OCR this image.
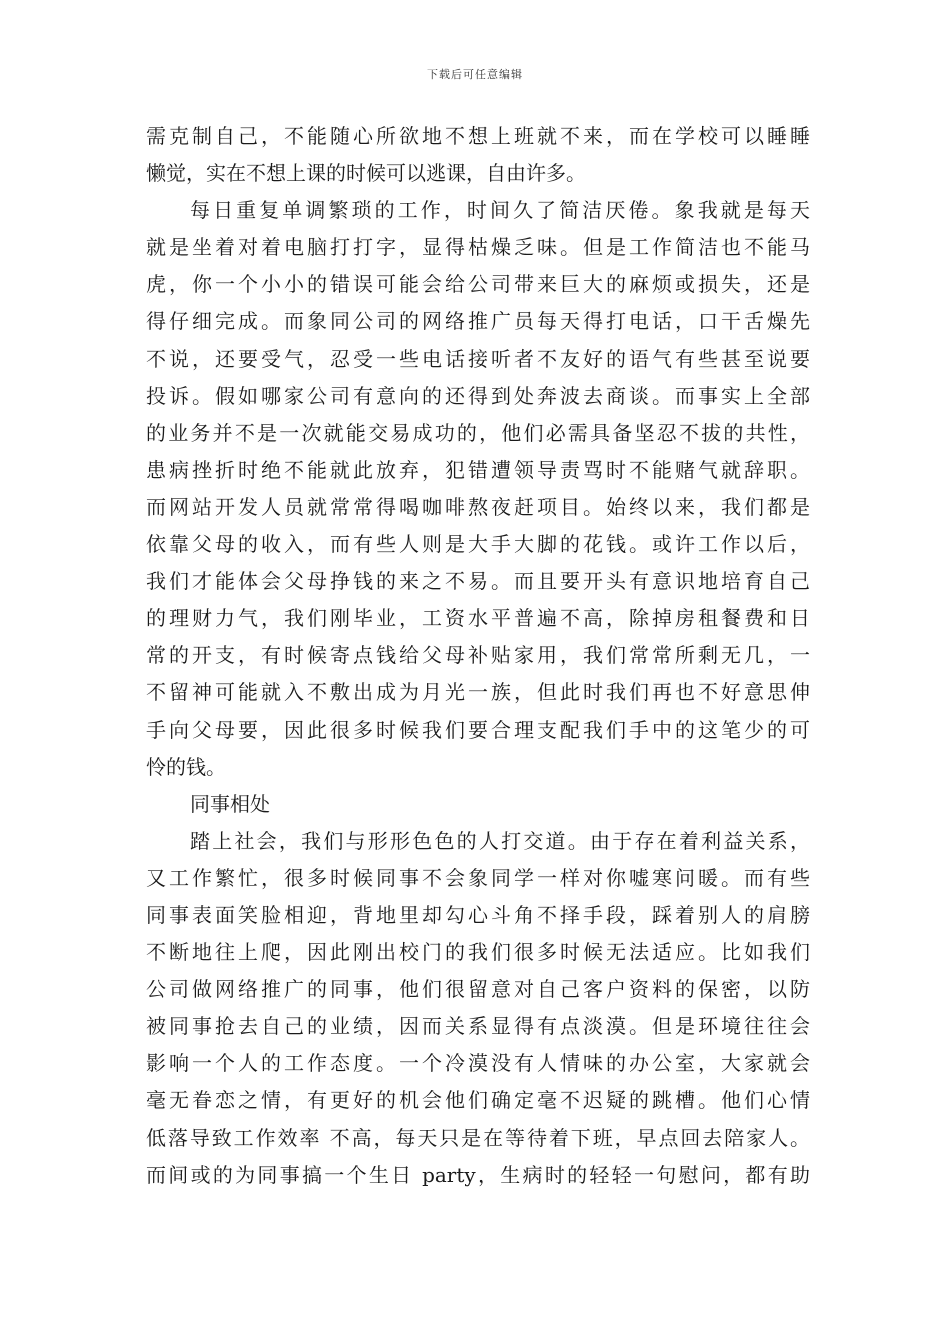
下载后可任意编辑
需克制自己，不能随心所欲地不想上班就不来，而在学校可以睡睡
懒觉，实在不想上课的时候可以逃课，自由许多。
每日重复单调繁琐的工作，时间久了简洁厌倦。象我就是每天
就是坐着对着电脑打打字，显得枯燥乏味。但是工作简洁也不能马
虎，你一个小小的错误可能会给公司带来巨大的麻烦或损失，还是
得仔细完成。而象同公司的网络推广员每天得打电话，口干舌燥先
不说，还要受气，忍受一些电话接听者不友好的语气有些甚至说要
投诉。假如哪家公司有意向的还得到处奔波去商谈。而事实上全部
的业务并不是一次就能交易成功的，他们必需具备坚忍不拔的共性，
患病挫折时绝不能就此放弃，犯错遭领导责骂时不能赌气就辞职。
而网站开发人员就常常得喝咖啡熬夜赶项目。始终以来，我们都是
依靠父母的收入，而有些人则是大手大脚的花钱。或许工作以后，
我们才能体会父母挣钱的来之不易。而且要开头有意识地培育自己
的理财力气，我们刚毕业，工资水平普遍不高，除掉房租餐费和日
常的开支，有时候寄点钱给父母补贴家用，我们常常所剩无几，一
不留神可能就入不敷出成为月光一族，但此时我们再也不好意思伸
手向父母要，因此很多时候我们要合理支配我们手中的这笔少的可
怜的钱。
同事相处
踏上社会，我们与形形色色的人打交道。由于存在着利益关系，
又工作繁忙，很多时候同事不会象同学一样对你嘘寒问暖。而有些
同事表面笑脸相迎，背地里却勾心斗角不择手段，踩着别人的肩膀
不断地往上爬，因此刚出校门的我们很多时候无法适应。比如我们
公司做网络推广的同事，他们很留意对自己客户资料的保密，以防
被同事抢去自己的业绩，因而关系显得有点淡漠。但是环境往往会
影响一个人的工作态度。一个冷漠没有人情味的办公室，大家就会
毫无眷恋之情，有更好的机会他们确定毫不迟疑的跳槽。他们心情
低落导致工作效率 不高，每天只是在等待着下班，早点回去陪家人。
而间或的为同事搞一个生日 party，生病时的轻轻一句慰问，都有助
